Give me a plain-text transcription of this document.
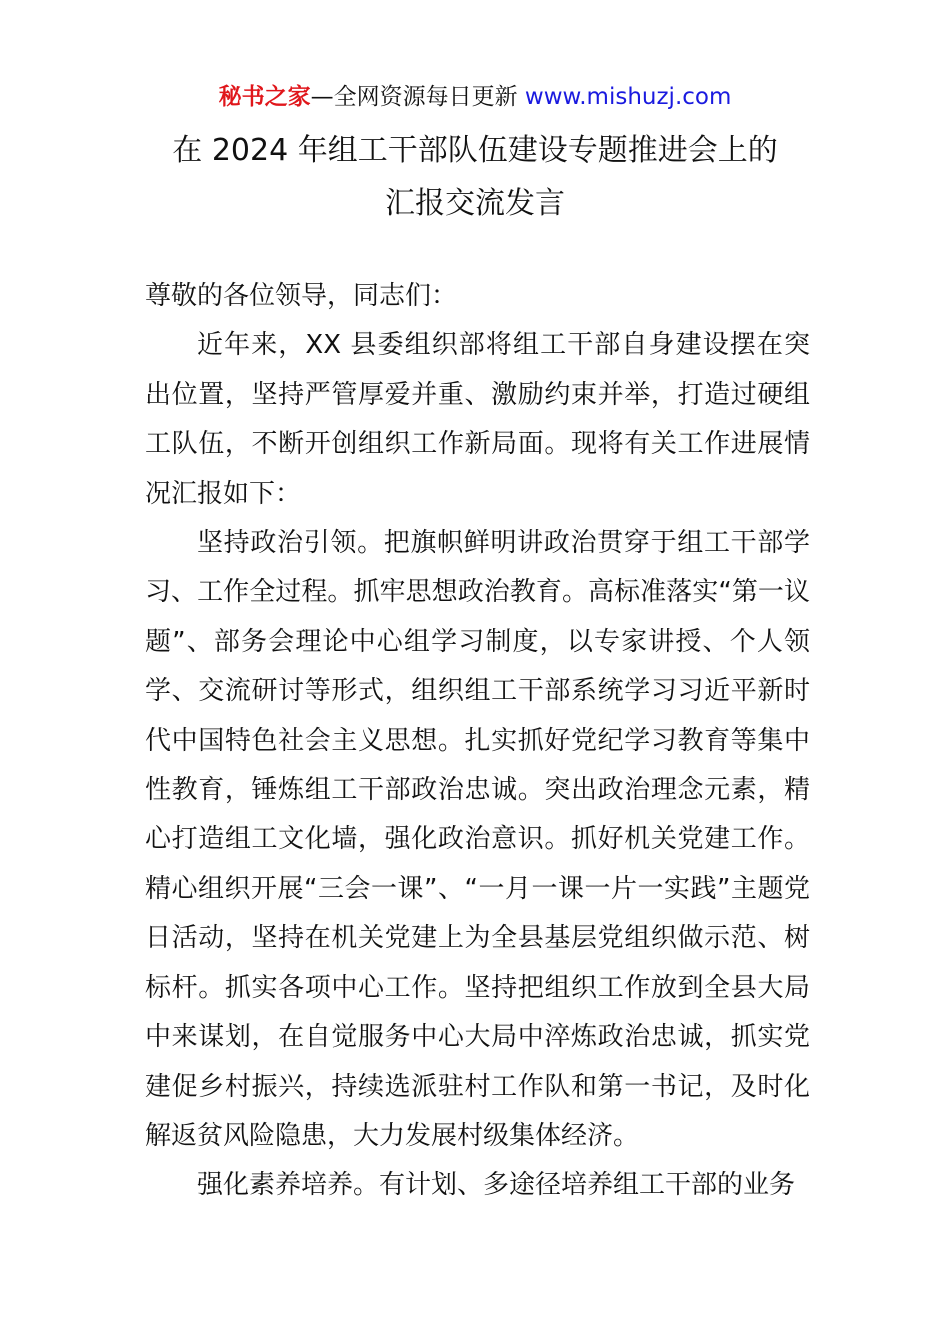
秘书之家—全网资源每日更新 www.mishuzj.com
在 2024 年组工干部队伍建设专题推进会上的
汇报交流发言

尊敬的各位领导，同志们：

近年来，XX 县委组织部将组工干部自身建设摆在突出位置，坚持严管厚爱并重、激励约束并举，打造过硬组工队伍，不断开创组织工作新局面。现将有关工作进展情况汇报如下：

坚持政治引领。把旗帜鲜明讲政治贯穿于组工干部学习、工作全过程。抓牢思想政治教育。高标准落实“第一议题”、部务会理论中心组学习制度，以专家讲授、个人领学、交流研讨等形式，组织组工干部系统学习习近平新时代中国特色社会主义思想。扎实抓好党纪学习教育等集中性教育，锤炼组工干部政治忠诚。突出政治理念元素，精心打造组工文化墙，强化政治意识。抓好机关党建工作。精心组织开展“三会一课”、“一月一课一片一实践”主题党日活动，坚持在机关党建上为全县基层党组织做示范、树标杆。抓实各项中心工作。坚持把组织工作放到全县大局中来谋划，在自觉服务中心大局中淬炼政治忠诚，抓实党建促乡村振兴，持续选派驻村工作队和第一书记，及时化解返贫风险隐患，大力发展村级集体经济。

强化素养培养。有计划、多途径培养组工干部的业务
